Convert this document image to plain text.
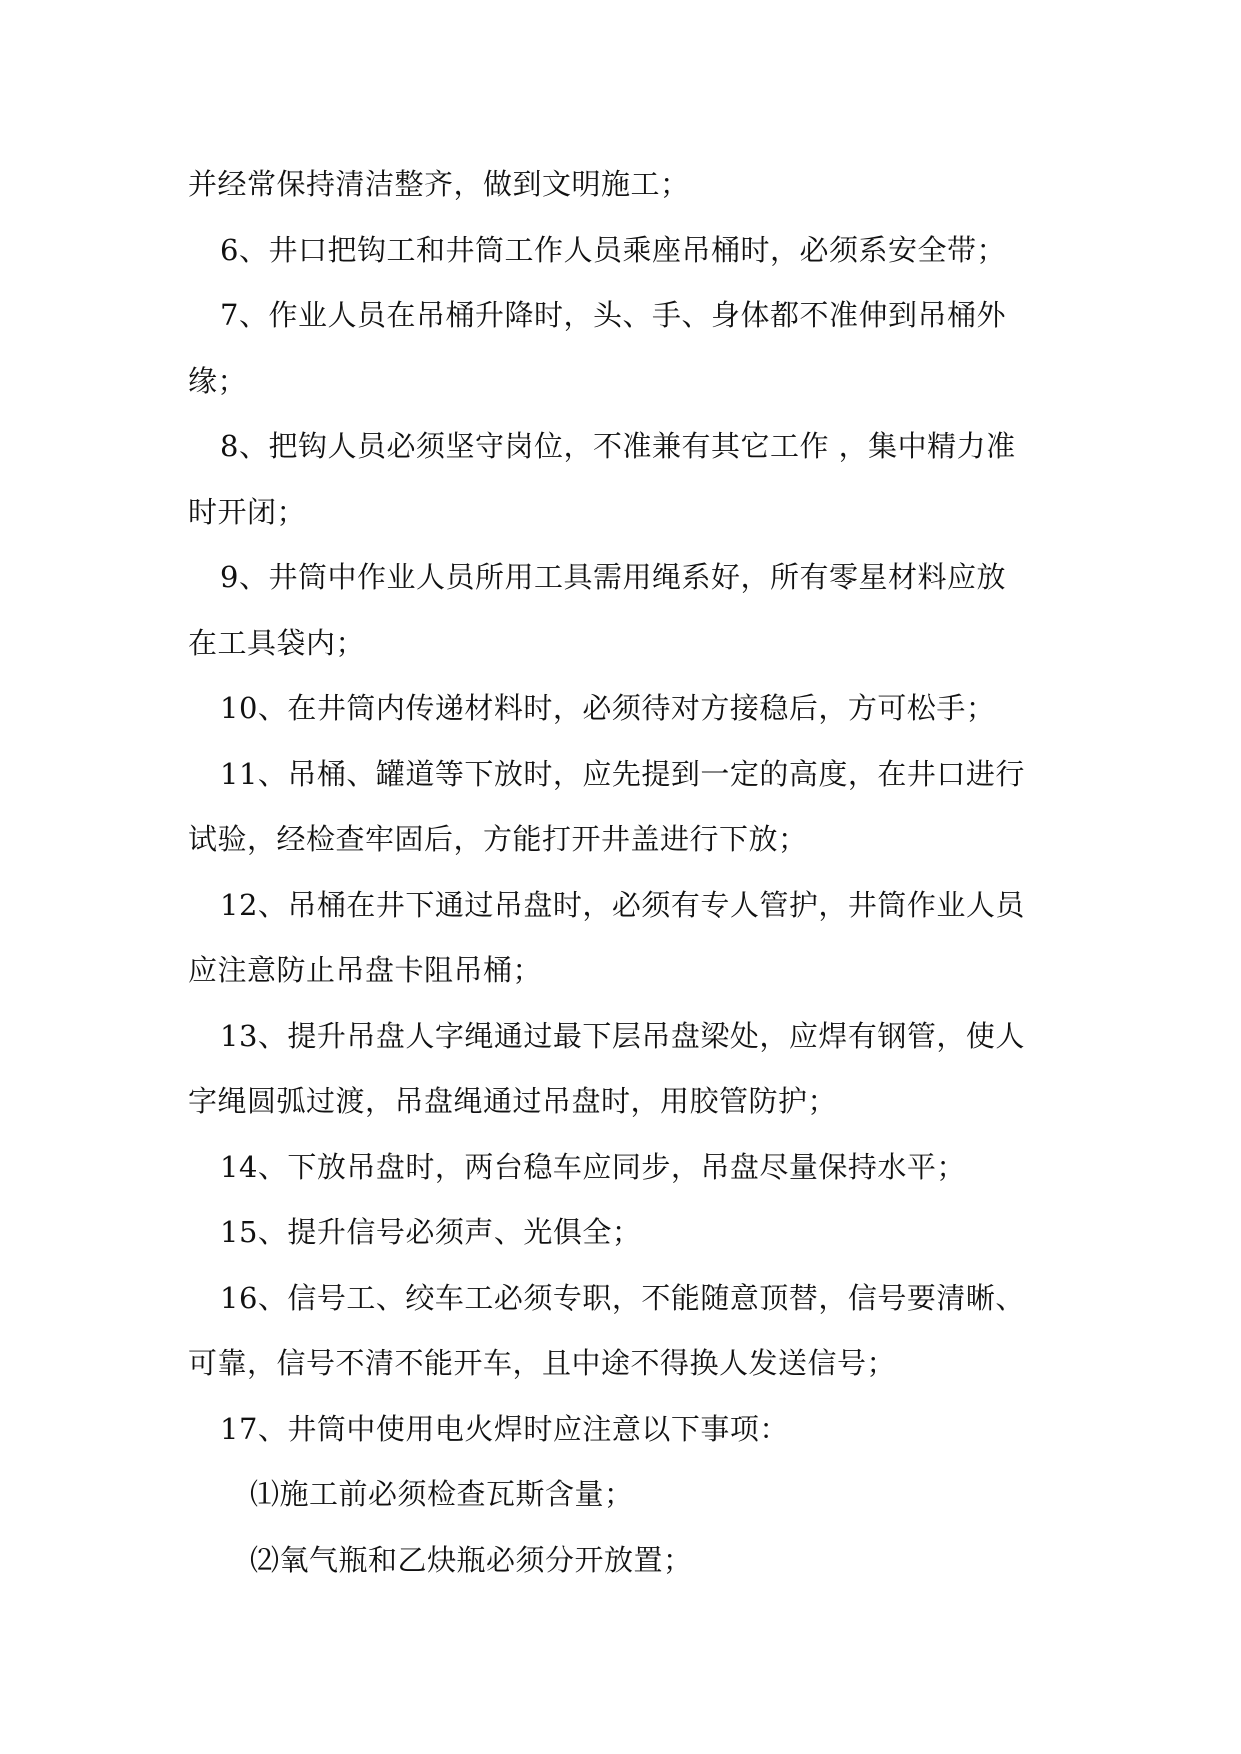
并经常保持清洁整齐，做到文明施工；
6、井口把钩工和井筒工作人员乘座吊桶时，必须系安全带；
7、作业人员在吊桶升降时，头、手、身体都不准伸到吊桶外
缘；
8、把钩人员必须坚守岗位，不准兼有其它工作 ，集中精力准
时开闭；
9、井筒中作业人员所用工具需用绳系好，所有零星材料应放
在工具袋内；
10、在井筒内传递材料时，必须待对方接稳后，方可松手；
11、吊桶、罐道等下放时，应先提到一定的高度，在井口进行
试验，经检查牢固后，方能打开井盖进行下放；
12、吊桶在井下通过吊盘时，必须有专人管护，井筒作业人员
应注意防止吊盘卡阻吊桶；
13、提升吊盘人字绳通过最下层吊盘梁处，应焊有钢管，使人
字绳圆弧过渡，吊盘绳通过吊盘时，用胶管防护；
14、下放吊盘时，两台稳车应同步，吊盘尽量保持水平；
15、提升信号必须声、光俱全；
16、信号工、绞车工必须专职，不能随意顶替，信号要清晰、
可靠，信号不清不能开车，且中途不得换人发送信号；
17、井筒中使用电火焊时应注意以下事项：
⑴施工前必须检查瓦斯含量；
⑵氧气瓶和乙炔瓶必须分开放置；
